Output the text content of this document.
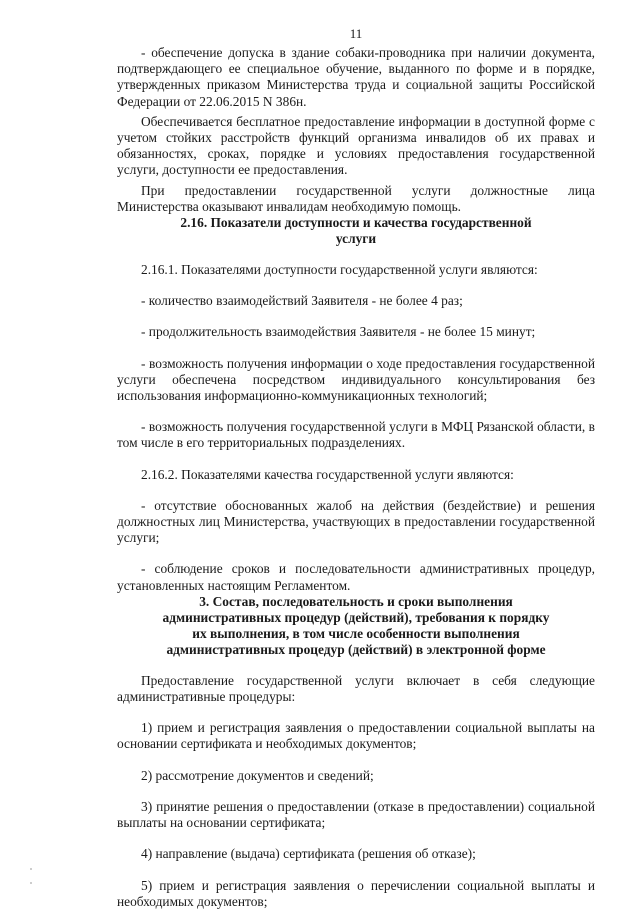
11

- обеспечение допуска в здание собаки-проводника при наличии документа, подтверждающего ее специальное обучение, выданного по форме и в порядке, утвержденных приказом Министерства труда и социальной защиты Российской Федерации от 22.06.2015 N 386н.

Обеспечивается бесплатное предоставление информации в доступной форме с учетом стойких расстройств функций организма инвалидов об их правах и обязанностях, сроках, порядке и условиях предоставления государственной услуги, доступности ее предоставления.

При предоставлении государственной услуги должностные лица Министерства оказывают инвалидам необходимую помощь.

2.16. Показатели доступности и качества государственной
услуги

2.16.1. Показателями доступности государственной услуги являются:

- количество взаимодействий Заявителя - не более 4 раз;

- продолжительность взаимодействия Заявителя - не более 15 минут;

- возможность получения информации о ходе предоставления государственной услуги обеспечена посредством индивидуального консультирования без использования информационно-коммуникационных технологий;

- возможность получения государственной услуги в МФЦ Рязанской области, в том числе в его территориальных подразделениях.

2.16.2. Показателями качества государственной услуги являются:

- отсутствие обоснованных жалоб на действия (бездействие) и решения должностных лиц Министерства, участвующих в предоставлении государственной услуги;

- соблюдение сроков и последовательности административных процедур, установленных настоящим Регламентом.

3. Состав, последовательность и сроки выполнения
административных процедур (действий), требования к порядку
их выполнения, в том числе особенности выполнения
административных процедур (действий) в электронной форме

Предоставление государственной услуги включает в себя следующие административные процедуры:

1) прием и регистрация заявления о предоставлении социальной выплаты на основании сертификата и необходимых документов;

2) рассмотрение документов и сведений;

3) принятие решения о предоставлении (отказе в предоставлении) социальной выплаты на основании сертификата;

4) направление (выдача) сертификата (решения об отказе);

5) прием и регистрация заявления о перечислении социальной выплаты и необходимых документов;
